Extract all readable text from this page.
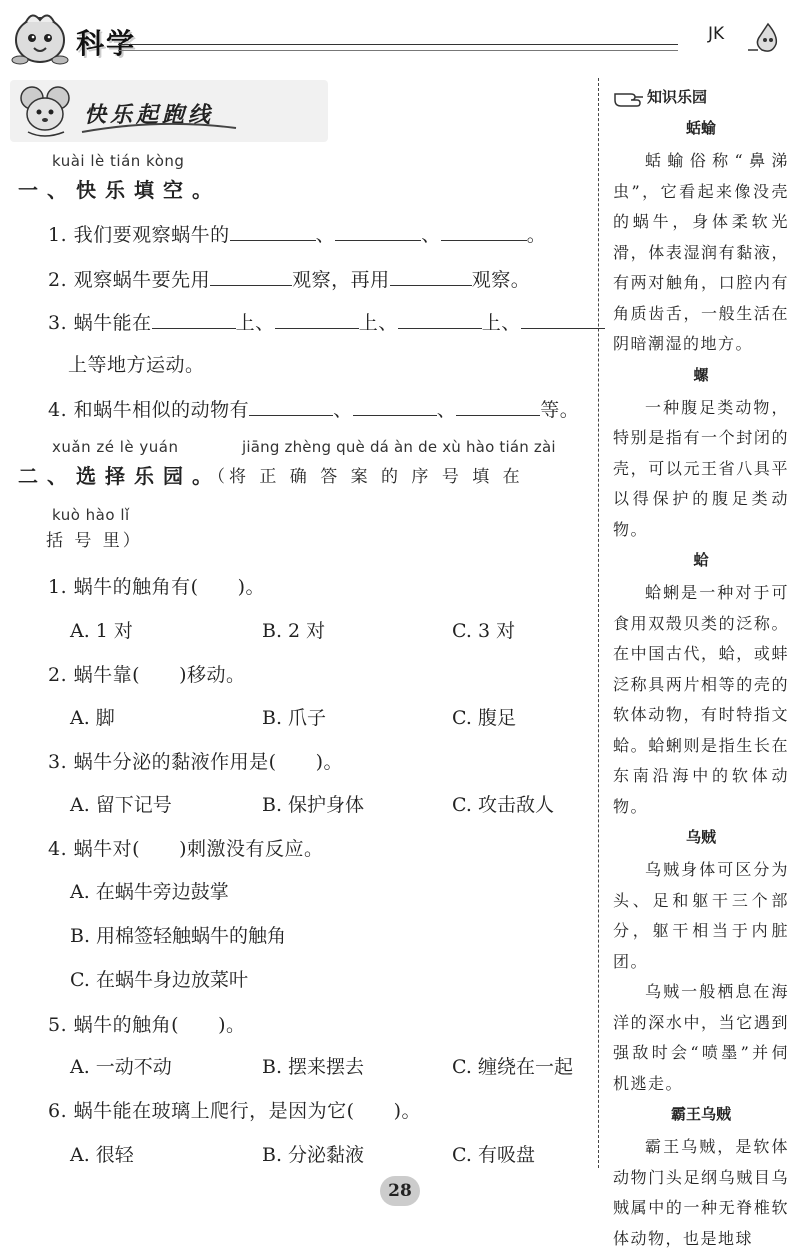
科学	JK
快乐起跑线
kuài lè tián kòng
一、快乐填空。
1. 我们要观察蜗牛的	、	、	。
2. 观察蜗牛要先用	观察，再用	观察。
3. 蜗牛能在	上、	上、	上、
上等地方运动。
4. 和蜗牛相似的动物有	、	、	等。
xuǎn zé lè yuán	jiāng zhèng què dá àn de xù hào tián zài
二、选择乐园。
（将 正 确 答 案 的 序 号 填 在
kuò hào lǐ
括 号 里）
1. 蜗牛的触角有(　　)。
A. 1 对	B. 2 对	C. 3 对
2. 蜗牛靠(　　)移动。
A. 脚	B. 爪子	C. 腹足
3. 蜗牛分泌的黏液作用是(　　)。
A. 留下记号	B. 保护身体	C. 攻击敌人
4. 蜗牛对(　　)刺激没有反应。
A. 在蜗牛旁边鼓掌
B. 用棉签轻触蜗牛的触角
C. 在蜗牛身边放菜叶
5. 蜗牛的触角(　　)。
A. 一动不动	B. 摆来摆去	C. 缠绕在一起
6. 蜗牛能在玻璃上爬行，是因为它(　　)。
A. 很轻	B. 分泌黏液	C. 有吸盘
知识乐园
蛞蝓

蛞蝓俗称“鼻涕虫”，它看起来像没壳的蜗牛，身体柔软光滑，体表湿润有黏液，有两对触角，口腔内有角质齿舌，一般生活在阴暗潮湿的地方。

螺

一种腹足类动物，特别是指有一个封闭的壳，可以元王省八具平以得保护的腹足类动物。

蛤

蛤蜊是一种对于可食用双殼贝类的泛称。在中国古代，蛤，或蚌泛称具两片相等的壳的软体动物，有时特指文蛤。蛤蜊则是指生长在东南沿海中的软体动物。

乌贼

乌贼身体可区分为头、足和躯干三个部分，躯干相当于内脏团。

乌贼一般栖息在海洋的深水中，当它遇到强敌时会“喷墨”并伺机逃走。

霸王乌贼

霸王乌贼，是软体动物门头足纲乌贼目乌贼属中的一种无脊椎软体动物，也是地球

28
